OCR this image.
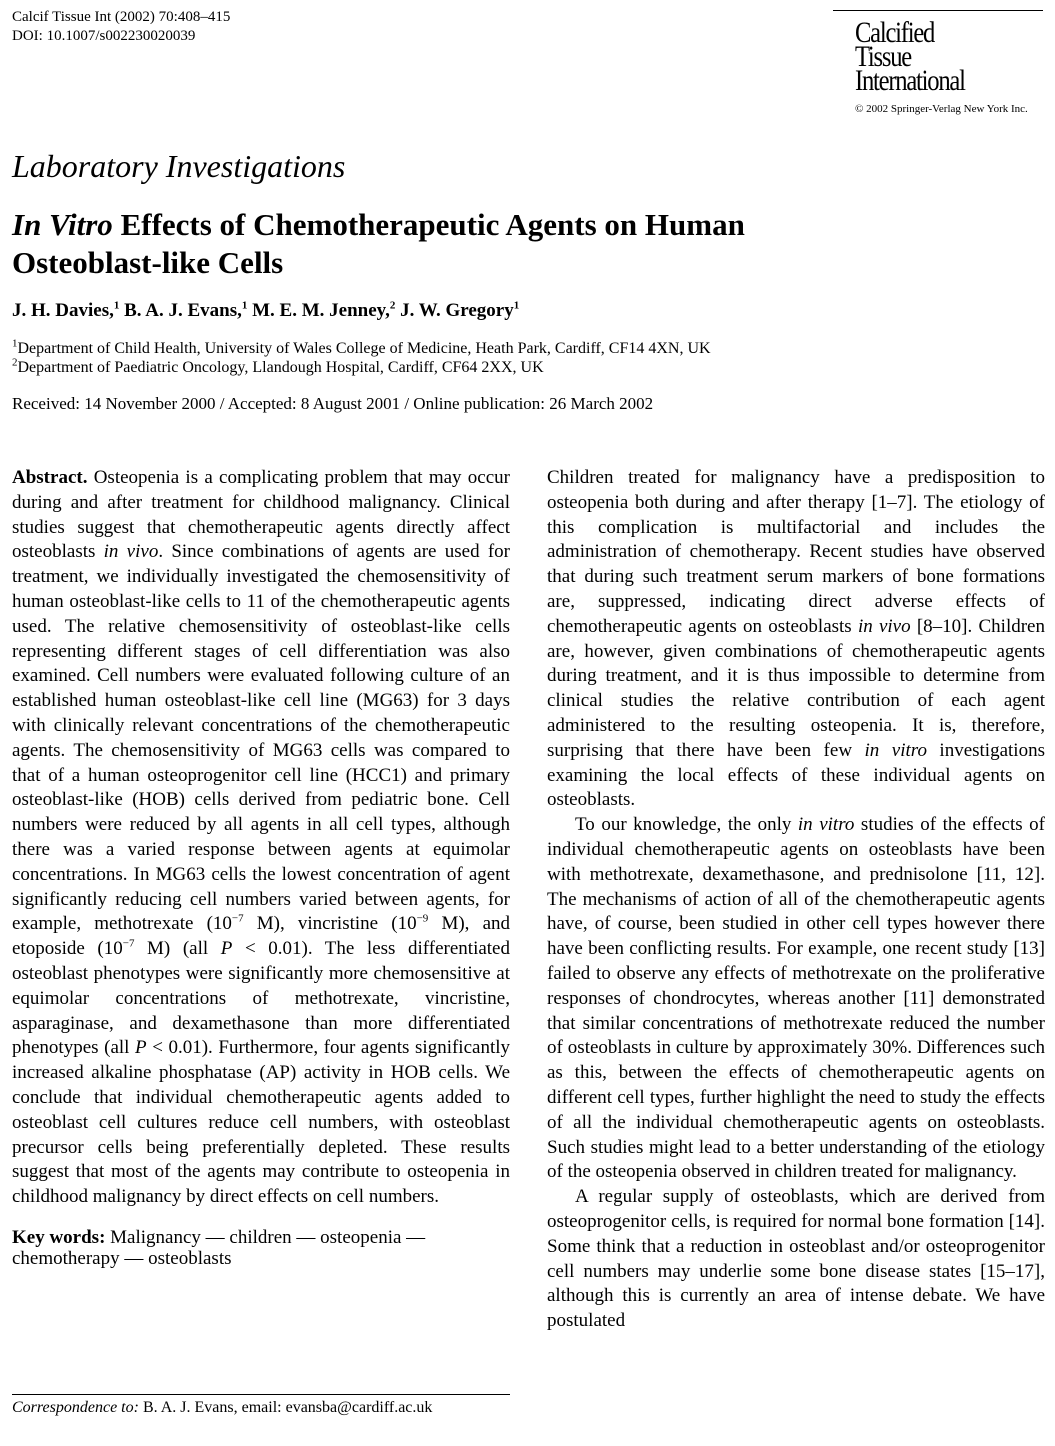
Calcif Tissue Int (2002) 70:408–415
DOI: 10.1007/s002230020039	Calcified
Tissue
International
© 2002 Springer-Verlag New York Inc.
Laboratory Investigations
In Vitro Effects of Chemotherapeutic Agents on Human
Osteoblast-like Cells
J. H. Davies,$^1$ B. A. J. Evans,$^1$ M. E. M. Jenney,$^2$ J. W. Gregory$^1$
$^1$Department of Child Health, University of Wales College of Medicine, Heath Park, Cardiff, CF14 4XN, UK
$^2$Department of Paediatric Oncology, Llandough Hospital, Cardiff, CF64 2XX, UK
Received: 14 November 2000 / Accepted: 8 August 2001 / Online publication: 26 March 2002

Abstract. Osteopenia is a complicating problem that may occur during and after treatment for childhood malignancy. Clinical studies suggest that chemotherapeutic agents directly affect osteoblasts in vivo. Since combinations of agents are used for treatment, we individually investigated the chemosensitivity of human osteoblast-like cells to 11 of the chemotherapeutic agents used. The relative chemosensitivity of osteoblast-like cells representing different stages of cell differentiation was also examined. Cell numbers were evaluated following culture of an established human osteoblast-like cell line (MG63) for 3 days with clinically relevant concentrations of the chemotherapeutic agents. The chemosensitivity of MG63 cells was compared to that of a human osteoprogenitor cell line (HCC1) and primary osteoblast-like (HOB) cells derived from pediatric bone. Cell numbers were reduced by all agents in all cell types, although there was a varied response between agents at equimolar concentrations. In MG63 cells the lowest concentration of agent significantly reducing cell numbers varied between agents, for example, methotrexate ($10^{-7}$ M), vincristine ($10^{-9}$ M), and etoposide ($10^{-7}$ M) (all P < 0.01). The less differentiated osteoblast phenotypes were significantly more chemosensitive at equimolar concentrations of methotrexate, vincristine, asparaginase, and dexamethasone than more differentiated phenotypes (all P < 0.01). Furthermore, four agents significantly increased alkaline phosphatase (AP) activity in HOB cells. We conclude that individual chemotherapeutic agents added to osteoblast cell cultures reduce cell numbers, with osteoblast precursor cells being preferentially depleted. These results suggest that most of the agents may contribute to osteopenia in childhood malignancy by direct effects on cell numbers.

Key words: Malignancy — children — osteopenia — chemotherapy — osteoblasts

Correspondence to: B. A. J. Evans, email: evansba@cardiff.ac.uk

Children treated for malignancy have a predisposition to osteopenia both during and after therapy [1–7]. The etiology of this complication is multifactorial and includes the administration of chemotherapy. Recent studies have observed that during such treatment serum markers of bone formations are, suppressed, indicating direct adverse effects of chemotherapeutic agents on osteoblasts in vivo [8–10]. Children are, however, given combinations of chemotherapeutic agents during treatment, and it is thus impossible to determine from clinical studies the relative contribution of each agent administered to the resulting osteopenia. It is, therefore, surprising that there have been few in vitro investigations examining the local effects of these individual agents on osteoblasts.

To our knowledge, the only in vitro studies of the effects of individual chemotherapeutic agents on osteoblasts have been with methotrexate, dexamethasone, and prednisolone [11, 12]. The mechanisms of action of all of the chemotherapeutic agents have, of course, been studied in other cell types however there have been conflicting results. For example, one recent study [13] failed to observe any effects of methotrexate on the proliferative responses of chondrocytes, whereas another [11] demonstrated that similar concentrations of methotrexate reduced the number of osteoblasts in culture by approximately 30%. Differences such as this, between the effects of chemotherapeutic agents on different cell types, further highlight the need to study the effects of all the individual chemotherapeutic agents on osteoblasts. Such studies might lead to a better understanding of the etiology of the osteopenia observed in children treated for malignancy.

A regular supply of osteoblasts, which are derived from osteoprogenitor cells, is required for normal bone formation [14]. Some think that a reduction in osteoblast and/or osteoprogenitor cell numbers may underlie some bone disease states [15–17], although this is currently an area of intense debate. We have postulated
